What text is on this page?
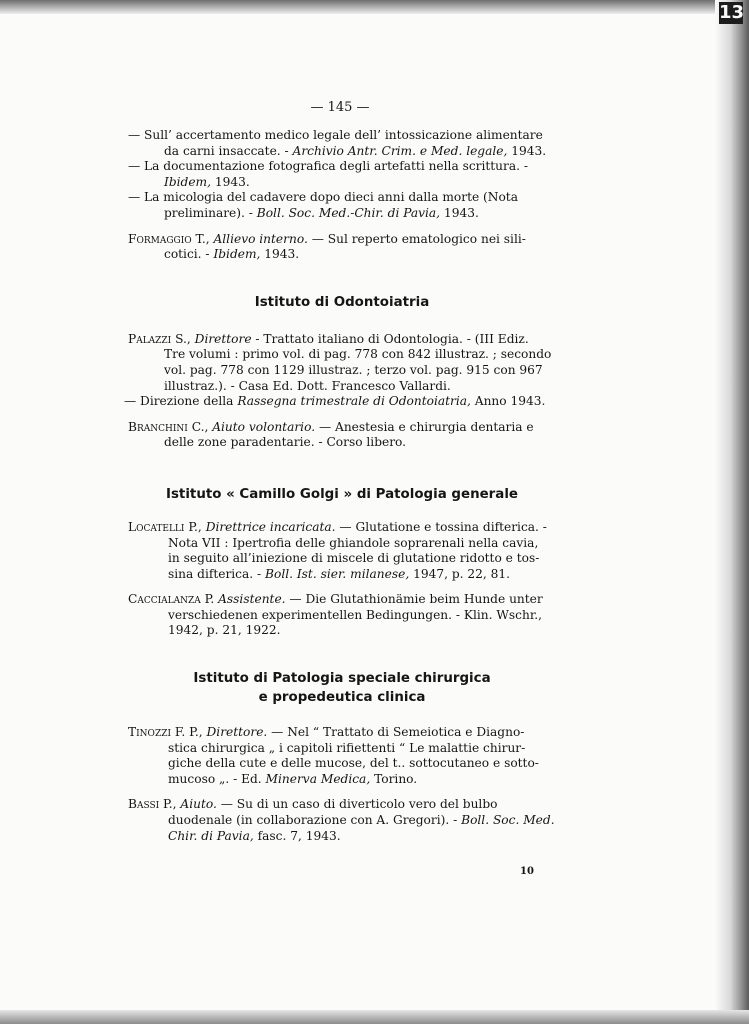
13
— 145 —
— Sull’ accertamento medico legale dell’ intossicazione alimentare
da carni insaccate. - Archivio Antr. Crim. e Med. legale, 1943.
— La documentazione fotografica degli artefatti nella scrittura. -
Ibidem, 1943.
— La micologia del cadavere dopo dieci anni dalla morte (Nota
preliminare). - Boll. Soc. Med.-Chir. di Pavia, 1943.
Formaggio T., Allievo interno. — Sul reperto ematologico nei sili-
cotici. - Ibidem, 1943.
Istituto di Odontoiatria
Palazzi S., Direttore - Trattato italiano di Odontologia. - (III Ediz.
Tre volumi : primo vol. di pag. 778 con 842 illustraz. ; secondo
vol. pag. 778 con 1129 illustraz. ; terzo vol. pag. 915 con 967
illustraz.). - Casa Ed. Dott. Francesco Vallardi.
— Direzione della Rassegna trimestrale di Odontoiatria, Anno 1943.
Branchini C., Aiuto volontario. — Anestesia e chirurgia dentaria e
delle zone paradentarie. - Corso libero.
Istituto « Camillo Golgi » di Patologia generale
Locatelli P., Direttrice incaricata. — Glutatione e tossina difterica. -
Nota VII : Ipertrofia delle ghiandole soprarenali nella cavia,
in seguito all’iniezione di miscele di glutatione ridotto e tos-
sina difterica. - Boll. Ist. sier. milanese, 1947, p. 22, 81.
Caccialanza P. Assistente. — Die Glutathionämie beim Hunde unter
verschiedenen experimentellen Bedingungen. - Klin. Wschr.,
1942, p. 21, 1922.
Istituto di Patologia speciale chirurgica
e propedeutica clinica
Tinozzi F. P., Direttore. — Nel “ Trattato di Semeiotica e Diagno-
stica chirurgica „ i capitoli rifiettenti “ Le malattie chirur-
giche della cute e delle mucose, del t.. sottocutaneo e sotto-
mucoso „. - Ed. Minerva Medica, Torino.
Bassi P., Aiuto. — Su di un caso di diverticolo vero del bulbo
duodenale (in collaborazione con A. Gregori). - Boll. Soc. Med.
Chir. di Pavia, fasc. 7, 1943.
10
